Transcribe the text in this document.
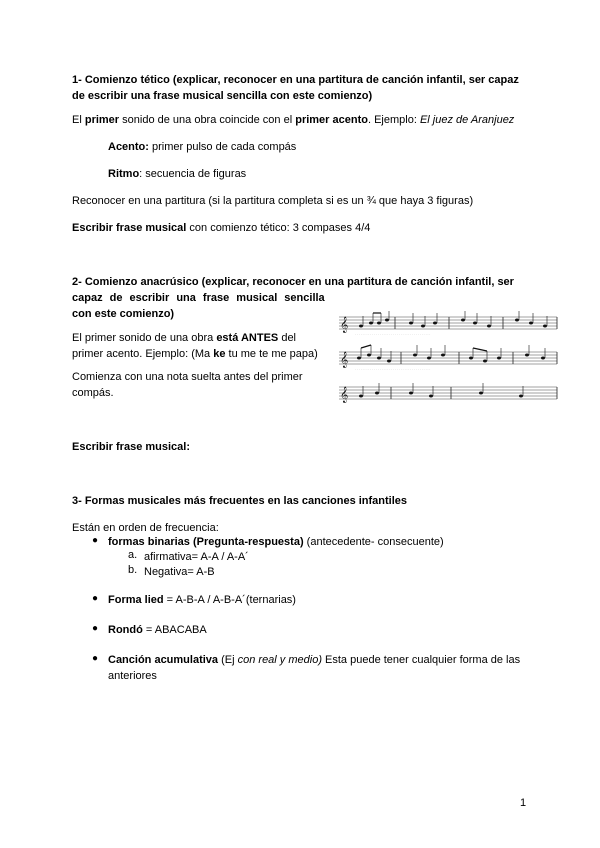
1- Comienzo tético (explicar, reconocer en una partitura de canción infantil, ser capaz
de escribir una frase musical sencilla con este comienzo)
El primer sonido de una obra coincide con el primer acento. Ejemplo: El juez de Aranjuez
Acento: primer pulso de cada compás
Ritmo: secuencia de figuras
Reconocer en una partitura (si la partitura completa si es un ¾ que haya 3 figuras)
Escribir frase musical con comienzo tético: 3 compases 4/4
2- Comienzo anacrúsico (explicar, reconocer en una partitura de canción infantil, ser
capaz de escribir una frase musical sencilla
con este comienzo)
El primer sonido de una obra está ANTES del
primer acento. Ejemplo: (Ma ke tu me te me papa)
Comienza con una nota suelta antes del primer
compás.
𝄞
𝄞
𝄞
· · · · · · · · · · · · · · · · · · · · · · · · · · · · · · · · · · · · · · · ·
· · · · · · · · · · · · · · · · · · · · · · · · · · · · · · · · · · · · · · · ·
Escribir frase musical:
3- Formas musicales más frecuentes en las canciones infantiles
Están en orden de frecuencia:
● formas binarias (Pregunta-respuesta) (antecedente- consecuente)
a. afirmativa= A-A / A-A´
b. Negativa= A-B
● Forma lied = A-B-A / A-B-A´(ternarias)
● Rondó = ABACABA
● Canción acumulativa (Ej con real y medio) Esta puede tener cualquier forma de las
anteriores
1
